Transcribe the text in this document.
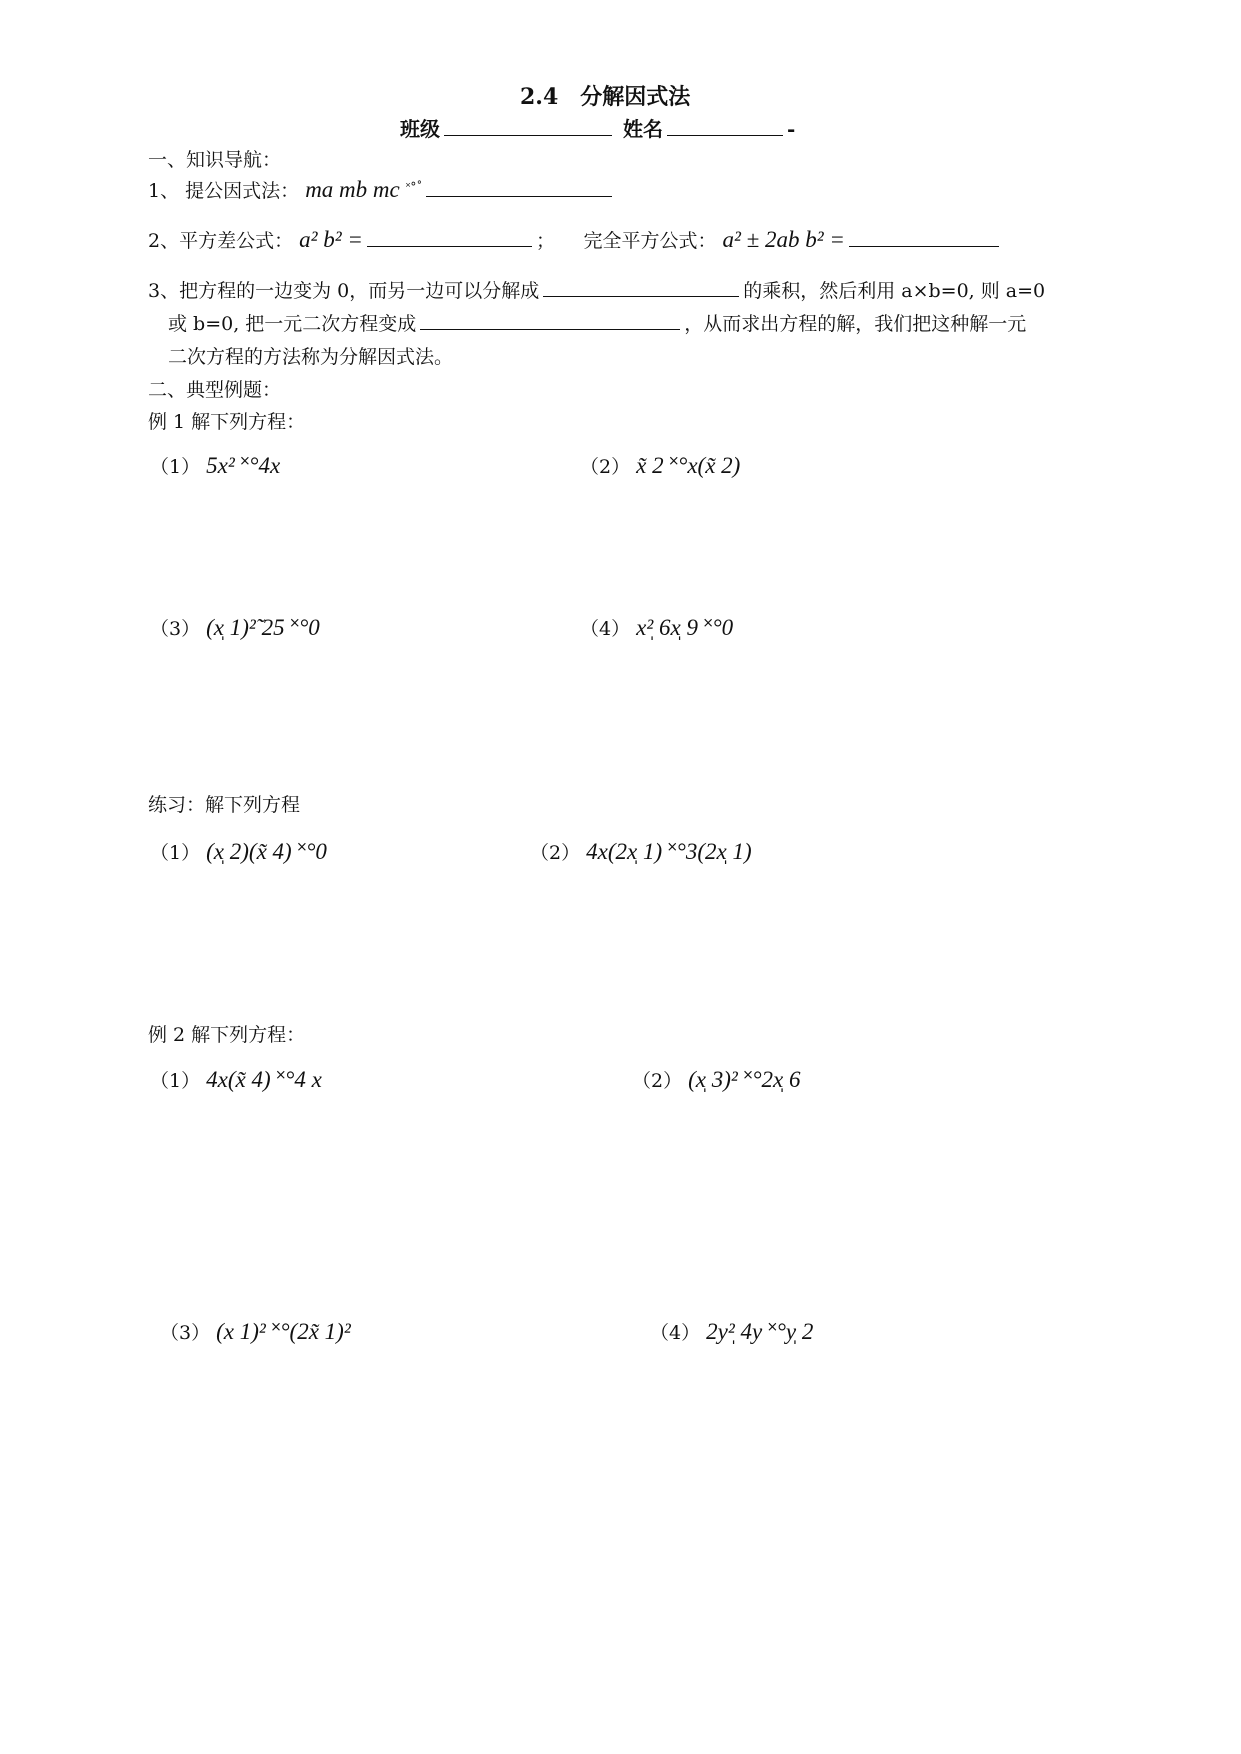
2.4　分解因式法
班级	姓名	-
一、知识导航：
1、 提公因式法： ma mb mc ˟°˚
2、平方差公式： a² b² =	；　　完全平方公式： a² ± 2ab b² =
3、把方程的一边变为 0，而另一边可以分解成	的乘积，然后利用 a×b=0, 则 a=0
或 b=0, 把一元二次方程变成	，从而求出方程的解，我们把这种解一元
二次方程的方法称为分解因式法。
二、典型例题：
例 1 解下列方程：
（1） 5x² ˟°4x	（2） x̃ 2 ˟°x(x̃ 2)
（3） (x̩ 1)²̃ 25 ˟°0	（4） x²̩ 6x̩ 9 ˟°0
练习：解下列方程
（1） (x̩ 2)(x̃ 4) ˟°0	（2） 4x(2x̩ 1) ˟°3(2x̩ 1)
例 2 解下列方程：
（1） 4x(x̃ 4) ˟°4 x	（2） (x̩ 3)² ˟°2x̩ 6
（3） (x 1)² ˟°(2x̃ 1)²	（4） 2y²̩ 4y ˟°y̩ 2
